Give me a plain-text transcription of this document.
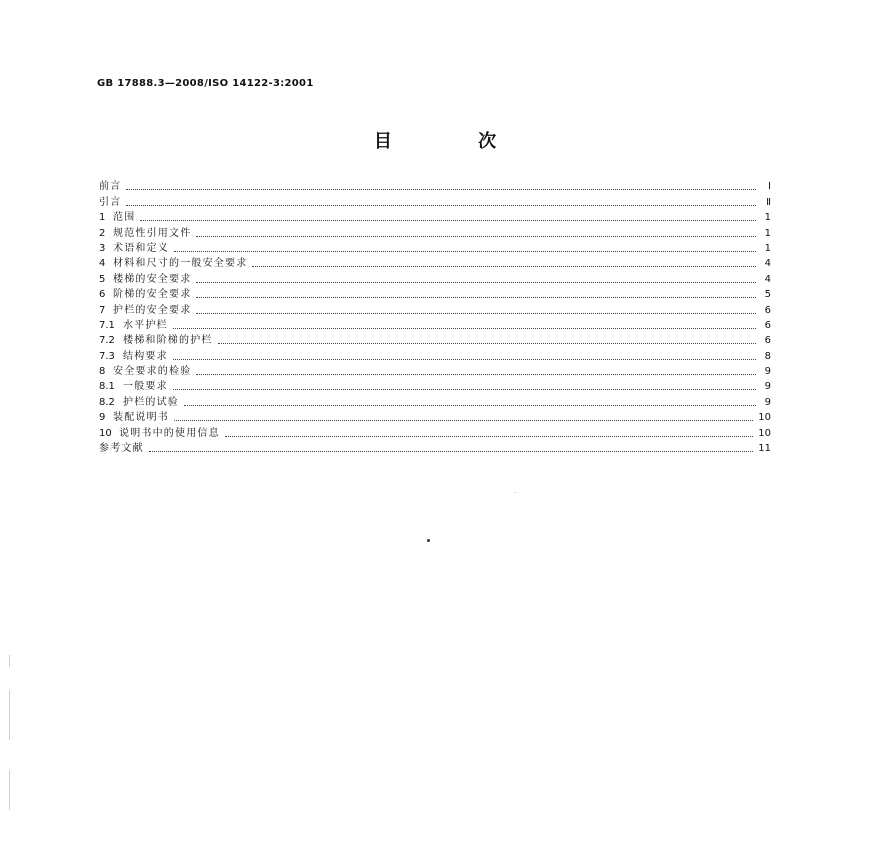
GB 17888.3—2008/ISO 14122-3:2001
目 次
前言	Ⅰ
引言	Ⅱ
1 范围	1
2 规范性引用文件	1
3 术语和定义	1
4 材料和尺寸的一般安全要求	4
5 楼梯的安全要求	4
6 阶梯的安全要求	5
7 护栏的安全要求	6
7.1 水平护栏	6
7.2 楼梯和阶梯的护栏	6
7.3 结构要求	8
8 安全要求的检验	9
8.1 一般要求	9
8.2 护栏的试验	9
9 装配说明书	10
10 说明书中的使用信息	10
参考文献	11
